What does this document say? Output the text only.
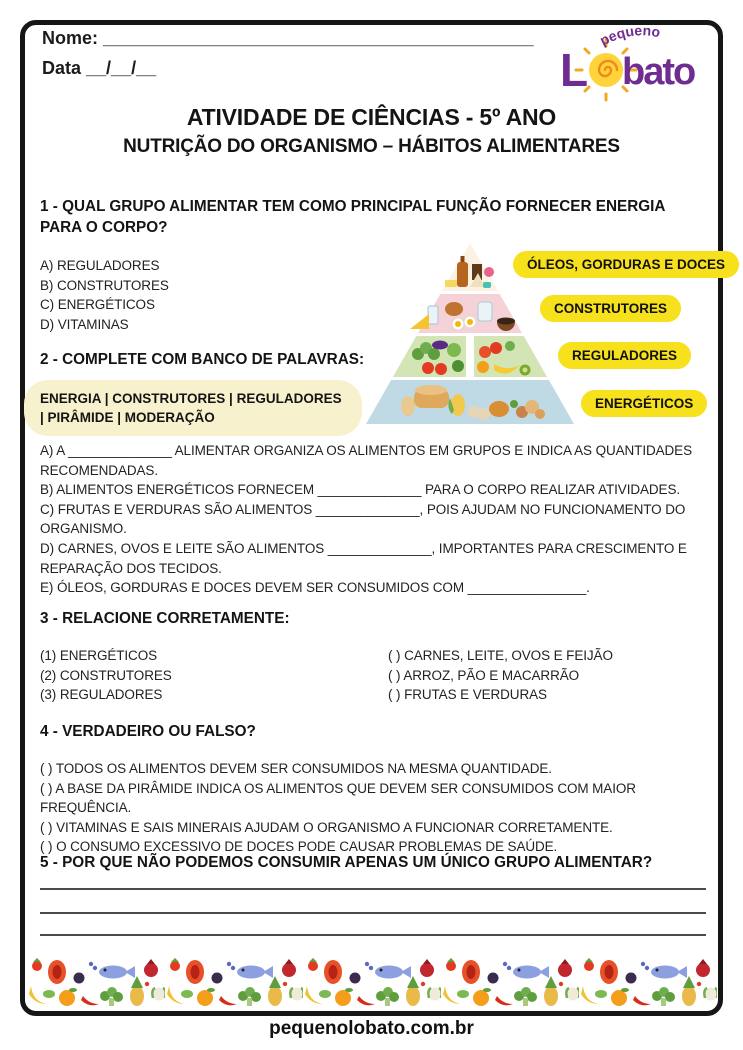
Nome: ___________________________________________
Data __/__/__
pequeno
L bato
ATIVIDADE DE CIÊNCIAS - 5º ANO
NUTRIÇÃO DO ORGANISMO – HÁBITOS ALIMENTARES
1 - QUAL GRUPO ALIMENTAR TEM COMO PRINCIPAL FUNÇÃO FORNECER ENERGIA PARA O CORPO?
A) REGULADORES
B) CONSTRUTORES
C) ENERGÉTICOS
D) VITAMINAS
ÓLEOS, GORDURAS E DOCES
CONSTRUTORES
REGULADORES
ENERGÉTICOS
2 - COMPLETE COM BANCO DE PALAVRAS:
ENERGIA | CONSTRUTORES | REGULADORES | PIRÂMIDE | MODERAÇÃO
A) A ______________ ALIMENTAR ORGANIZA OS ALIMENTOS EM GRUPOS E INDICA AS QUANTIDADES RECOMENDADAS.
B) ALIMENTOS ENERGÉTICOS FORNECEM ______________ PARA O CORPO REALIZAR ATIVIDADES.
C) FRUTAS E VERDURAS SÃO ALIMENTOS ______________, POIS AJUDAM NO FUNCIONAMENTO DO ORGANISMO.
D) CARNES, OVOS E LEITE SÃO ALIMENTOS ______________, IMPORTANTES PARA CRESCIMENTO E REPARAÇÃO DOS TECIDOS.
E) ÓLEOS, GORDURAS E DOCES DEVEM SER CONSUMIDOS COM ________________.
3 - RELACIONE CORRETAMENTE:
(1) ENERGÉTICOS	( ) CARNES, LEITE, OVOS E FEIJÃO
(2) CONSTRUTORES	( ) ARROZ, PÃO E MACARRÃO
(3) REGULADORES	( ) FRUTAS E VERDURAS
4 - VERDADEIRO OU FALSO?
( ) TODOS OS ALIMENTOS DEVEM SER CONSUMIDOS NA MESMA QUANTIDADE.
( ) A BASE DA PIRÂMIDE INDICA OS ALIMENTOS QUE DEVEM SER CONSUMIDOS COM MAIOR FREQUÊNCIA.
( ) VITAMINAS E SAIS MINERAIS AJUDAM O ORGANISMO A FUNCIONAR CORRETAMENTE.
( ) O CONSUMO EXCESSIVO DE DOCES PODE CAUSAR PROBLEMAS DE SAÚDE.
5 - POR QUE NÃO PODEMOS CONSUMIR APENAS UM ÚNICO GRUPO ALIMENTAR?
pequenolobato.com.br
